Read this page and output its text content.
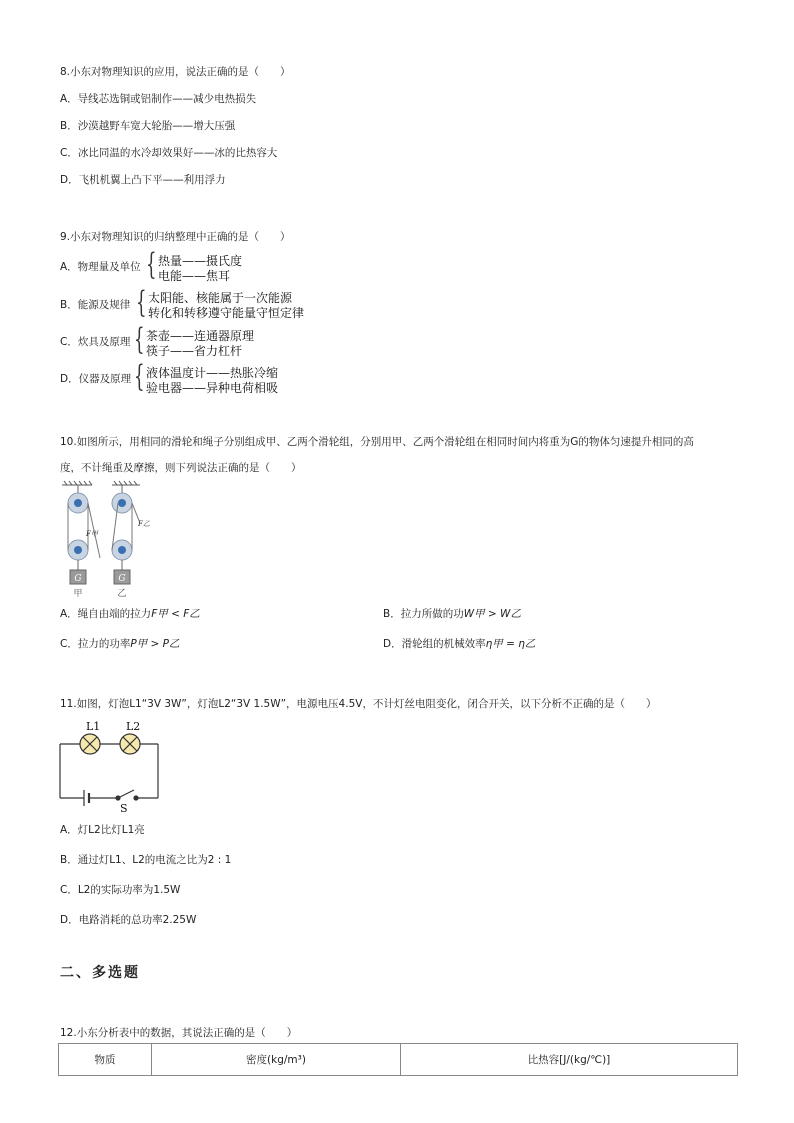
8.小东对物理知识的应用，说法正确的是（　　）
A．导线芯选铜或铝制作——减少电热损失
B．沙漠越野车宽大轮胎——增大压强
C．冰比同温的水冷却效果好——冰的比热容大
D．飞机机翼上凸下平——利用浮力
9.小东对物理知识的归纳整理中正确的是（　　）
A．物理量及单位 { 热量——摄氏度
电能——焦耳
B．能源及规律 { 太阳能、核能属于一次能源
转化和转移遵守能量守恒定律
C．炊具及原理 { 茶壶——连通器原理
筷子——省力杠杆
D．仪器及原理 { 液体温度计——热胀冷缩
验电器——异种电荷相吸
10.如图所示，用相同的滑轮和绳子分别组成甲、乙两个滑轮组，分别用甲、乙两个滑轮组在相同时间内将重为G的物体匀速提升相同的高
度，不计绳重及摩擦，则下列说法正确的是（　　）
G
F甲
甲
G
F乙
乙
A．绳自由端的拉力F甲 < F乙	B．拉力所做的功W甲 > W乙
C．拉力的功率P甲 > P乙	D．滑轮组的机械效率η甲 = η乙
11.如图，灯泡L1“3V 3W”，灯泡L2“3V 1.5W”，电源电压4.5V，不计灯丝电阻变化，闭合开关，以下分析不正确的是（　　）
L1 L2
S
A．灯L2比灯L1亮
B．通过灯L1、L2的电流之比为2 : 1
C．L2的实际功率为1.5W
D．电路消耗的总功率2.25W
二、多选题
12.小东分析表中的数据，其说法正确的是（　　）
物质	密度(kg/m³)	比热容[J/(kg/℃)]
